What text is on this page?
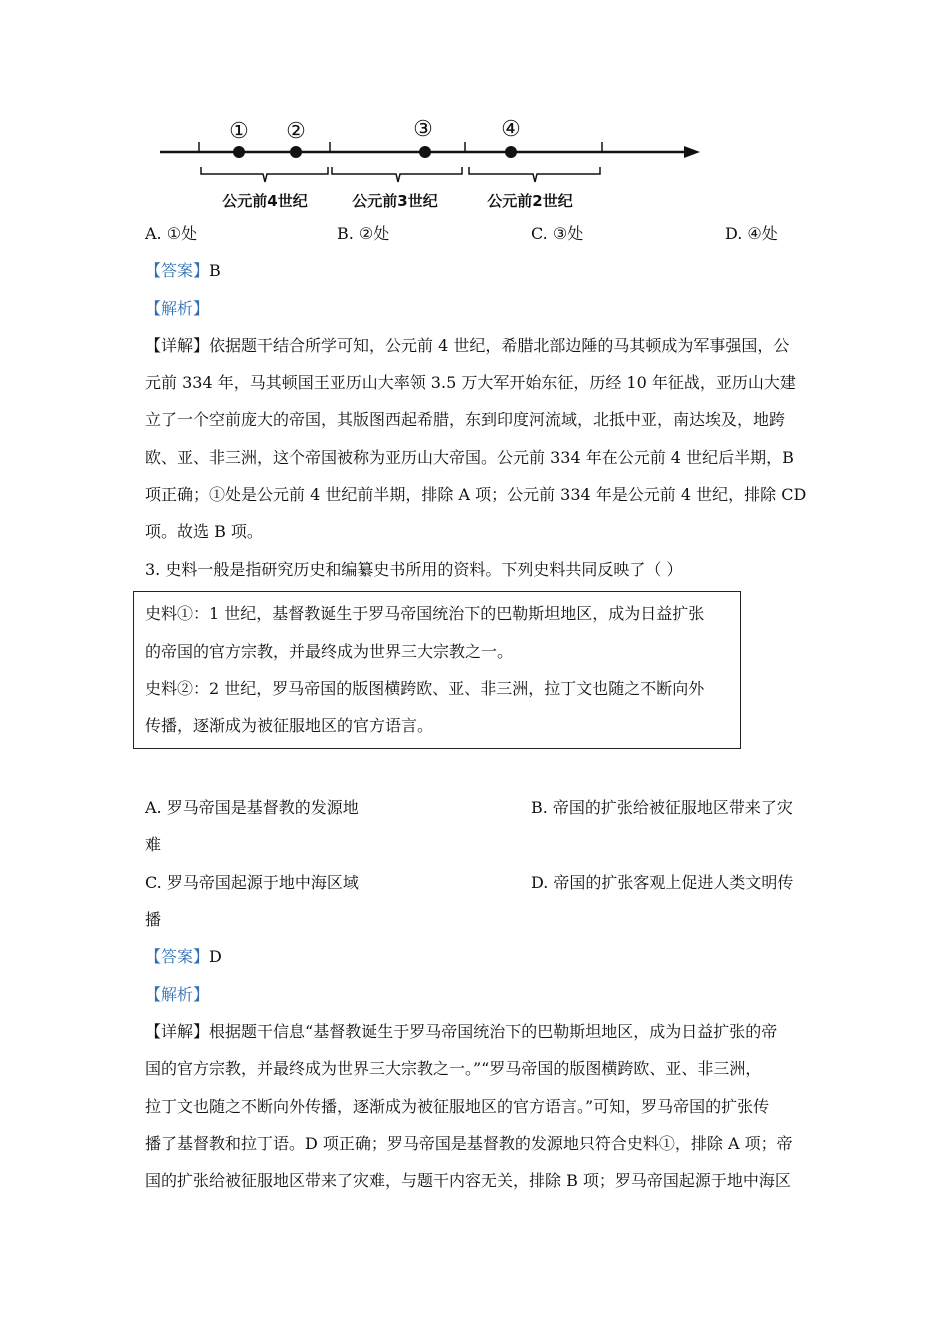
① ②	③	④
公元前4世纪	公元前3世纪	公元前2世纪
A. ①处	B. ②处	C. ③处	D. ④处
【答案】B
【解析】
【详解】依据题干结合所学可知，公元前 4 世纪，希腊北部边陲的马其顿成为军事强国，公
元前 334 年，马其顿国王亚历山大率领 3.5 万大军开始东征，历经 10 年征战，亚历山大建
立了一个空前庞大的帝国，其版图西起希腊，东到印度河流域，北抵中亚，南达埃及，地跨
欧、亚、非三洲，这个帝国被称为亚历山大帝国。公元前 334 年在公元前 4 世纪后半期，B
项正确；①处是公元前 4 世纪前半期，排除 A 项；公元前 334 年是公元前 4 世纪，排除 CD
项。故选 B 项。
3. 史料一般是指研究历史和编纂史书所用的资料。下列史料共同反映了（ ）
史料①：1 世纪，基督教诞生于罗马帝国统治下的巴勒斯坦地区，成为日益扩张
的帝国的官方宗教，并最终成为世界三大宗教之一。
史料②：2 世纪，罗马帝国的版图横跨欧、亚、非三洲，拉丁文也随之不断向外
传播，逐渐成为被征服地区的官方语言。
A. 罗马帝国是基督教的发源地	B. 帝国的扩张给被征服地区带来了灾
难
C. 罗马帝国起源于地中海区域	D. 帝国的扩张客观上促进人类文明传
播
【答案】D
【解析】
【详解】根据题干信息“基督教诞生于罗马帝国统治下的巴勒斯坦地区，成为日益扩张的帝
国的官方宗教，并最终成为世界三大宗教之一。”“罗马帝国的版图横跨欧、亚、非三洲，
拉丁文也随之不断向外传播，逐渐成为被征服地区的官方语言。”可知，罗马帝国的扩张传
播了基督教和拉丁语。D 项正确；罗马帝国是基督教的发源地只符合史料①，排除 A 项；帝
国的扩张给被征服地区带来了灾难，与题干内容无关，排除 B 项；罗马帝国起源于地中海区
